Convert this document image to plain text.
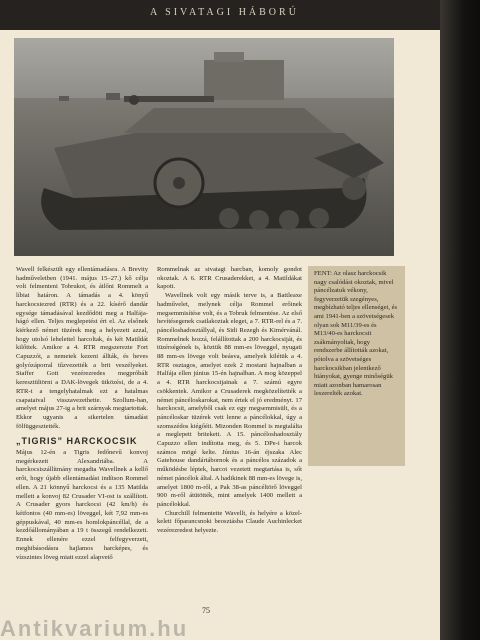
A SIVATAGI HÁBORÚ

Wavell felkészült egy ellentámadásra. A Brevity hadműveletben (1941. május 15–27.) kő célja volt felmenteni Tobrukot, és átlőni Rommelt a líbiai határon. A támadás a 4. könyű harckocsiezred (RTR) és a 22. kísérő dandár egysége támadásával kezdődött meg a Halfája-hágó ellen. Teljes meglepetést ért el. Az elsőnek kiérkező német tüzérek meg a helyezett azzal, hogy utolsó lehelettel harcoltak, és két Matildát kilőttek. Amikor a 4. RTR megszerezte Fort Capuzzót, a nemetek kezeni állták, és heves golyózáporral tűzvezették a brit veszélyeket. Staffer Gott vezérezredes megpróbált keresztültörni a DAK-lövegek ütközési, de a 4. RTR-t a tengelyhatalmak ezt a hatalmas csapataival visszavezethette. Szollum-ban, amelyet május 27-ig a brit szárnyak megtartottak. Ekkor ugyanis a sikertelen támadást fölfüggesztették.

„TIGRIS” HARCKOCSIK

Május 12-én a Tigris fedőnevű konvoj megérkezett Alexandriába. A harckocsiszállítmány megadta Wavellnek a kellő erőt, hogy újabb ellentámadást indítson Rommel ellen. A 21 könnyű harckocsi és a 135 Matilda mellett a konvoj 82 Crusader VI-ost is szállított. A Crusader gyors harckocsi (42 km/h) és kétfontos (40 mm-es) löveggel, két 7,92 mm-es géppuskával, 40 mm-es homlokpáncéllal, de a kezdőállományában a 19 t összegű rendelkezett. Ennek ellenére ezzel felfegyverzett, meghibásodásra hajlamos harcképes, és vízszintes löveg miatt ezzel alapvető

Rommelnak az sivatagi harcban, komoly gondot okoztak. A 6. RTR Crusaderekket, a 4. Matildákat kapott.

Wavellnek volt egy másik terve is, a Battleaxe hadművelet, melynek célja Rommel erőinek megsemmisítése volt, és a Tobruk felmentése. Az első hevítésegenek csatlakoztak eleget, a 7. RTR-rel és a 7. páncéloshadosztállyal, és Sidi Rezegh és Kimérvánál. Rommelnek hozzá, felállítottak a 200 harckocsiját, és tüzérségének is, köztük 88 mm-es löveggel, nyugati 88 mm-es lövege volt beásva, amelyek kilétük a 4. RTR osztagos, amelyet ezek 2 mostani hajnalban a Halfája ellen június 15-én hajnalban. A mog közeppel a 4. RTR harckocsijainak a 7. számú egyre csökkentek. Amikor a Crusaderek megközelítették a német páncéloskarokat, nem értek el jó eredményt. 17 harckocsit, amelyből csak ez egy megsemmisült, és a páncéloskar tüzérek vett lenne a páncélokkal, úgy a szomszédos kiégőéit. Mizonden Rommel is megtalálta a meglepett britekett. A 15. páncéloshadosztály Capuzzo ellen indította meg, és 5. DPe-i harcok számos mögé kelte. Június 16-án éjszaka Alec Gatehouse dandártábornok és a páncélos századok a működésbe léptek, harcot vezetett megtartása is, sőt német páncélok által. A hadikinek 88 mm-es lövege is, amelyet 1800 m-ről, a Pak 38-as páncéltörő löveggel 900 m-ről átütötték, mint amelyek 1400 mellett a páncélokkal.

Churchill felmentette Wavellt, és helyére a közel-keleti főparancsnoki beosztásba Claude Auchinlecket vezérezredest helyezte.

FENT: Az olasz harckocsik nagy csalódást okoztak, mivel páncélzatuk vékony, fegyverzetük szegényes, megbízható teljes ellenséget, és ami 1941-ben a szövetségesek olyan sok M11/39-es és M13/40-es harckocsit zsákmányoltak, hogy rendszerbe állították azokat, pótolva a szövetséges harckocsikban jelentkező hiányokat, gyenge minőségük miatt azonban hamarosan leszerelték azokat.
75
Antikvarium.hu
